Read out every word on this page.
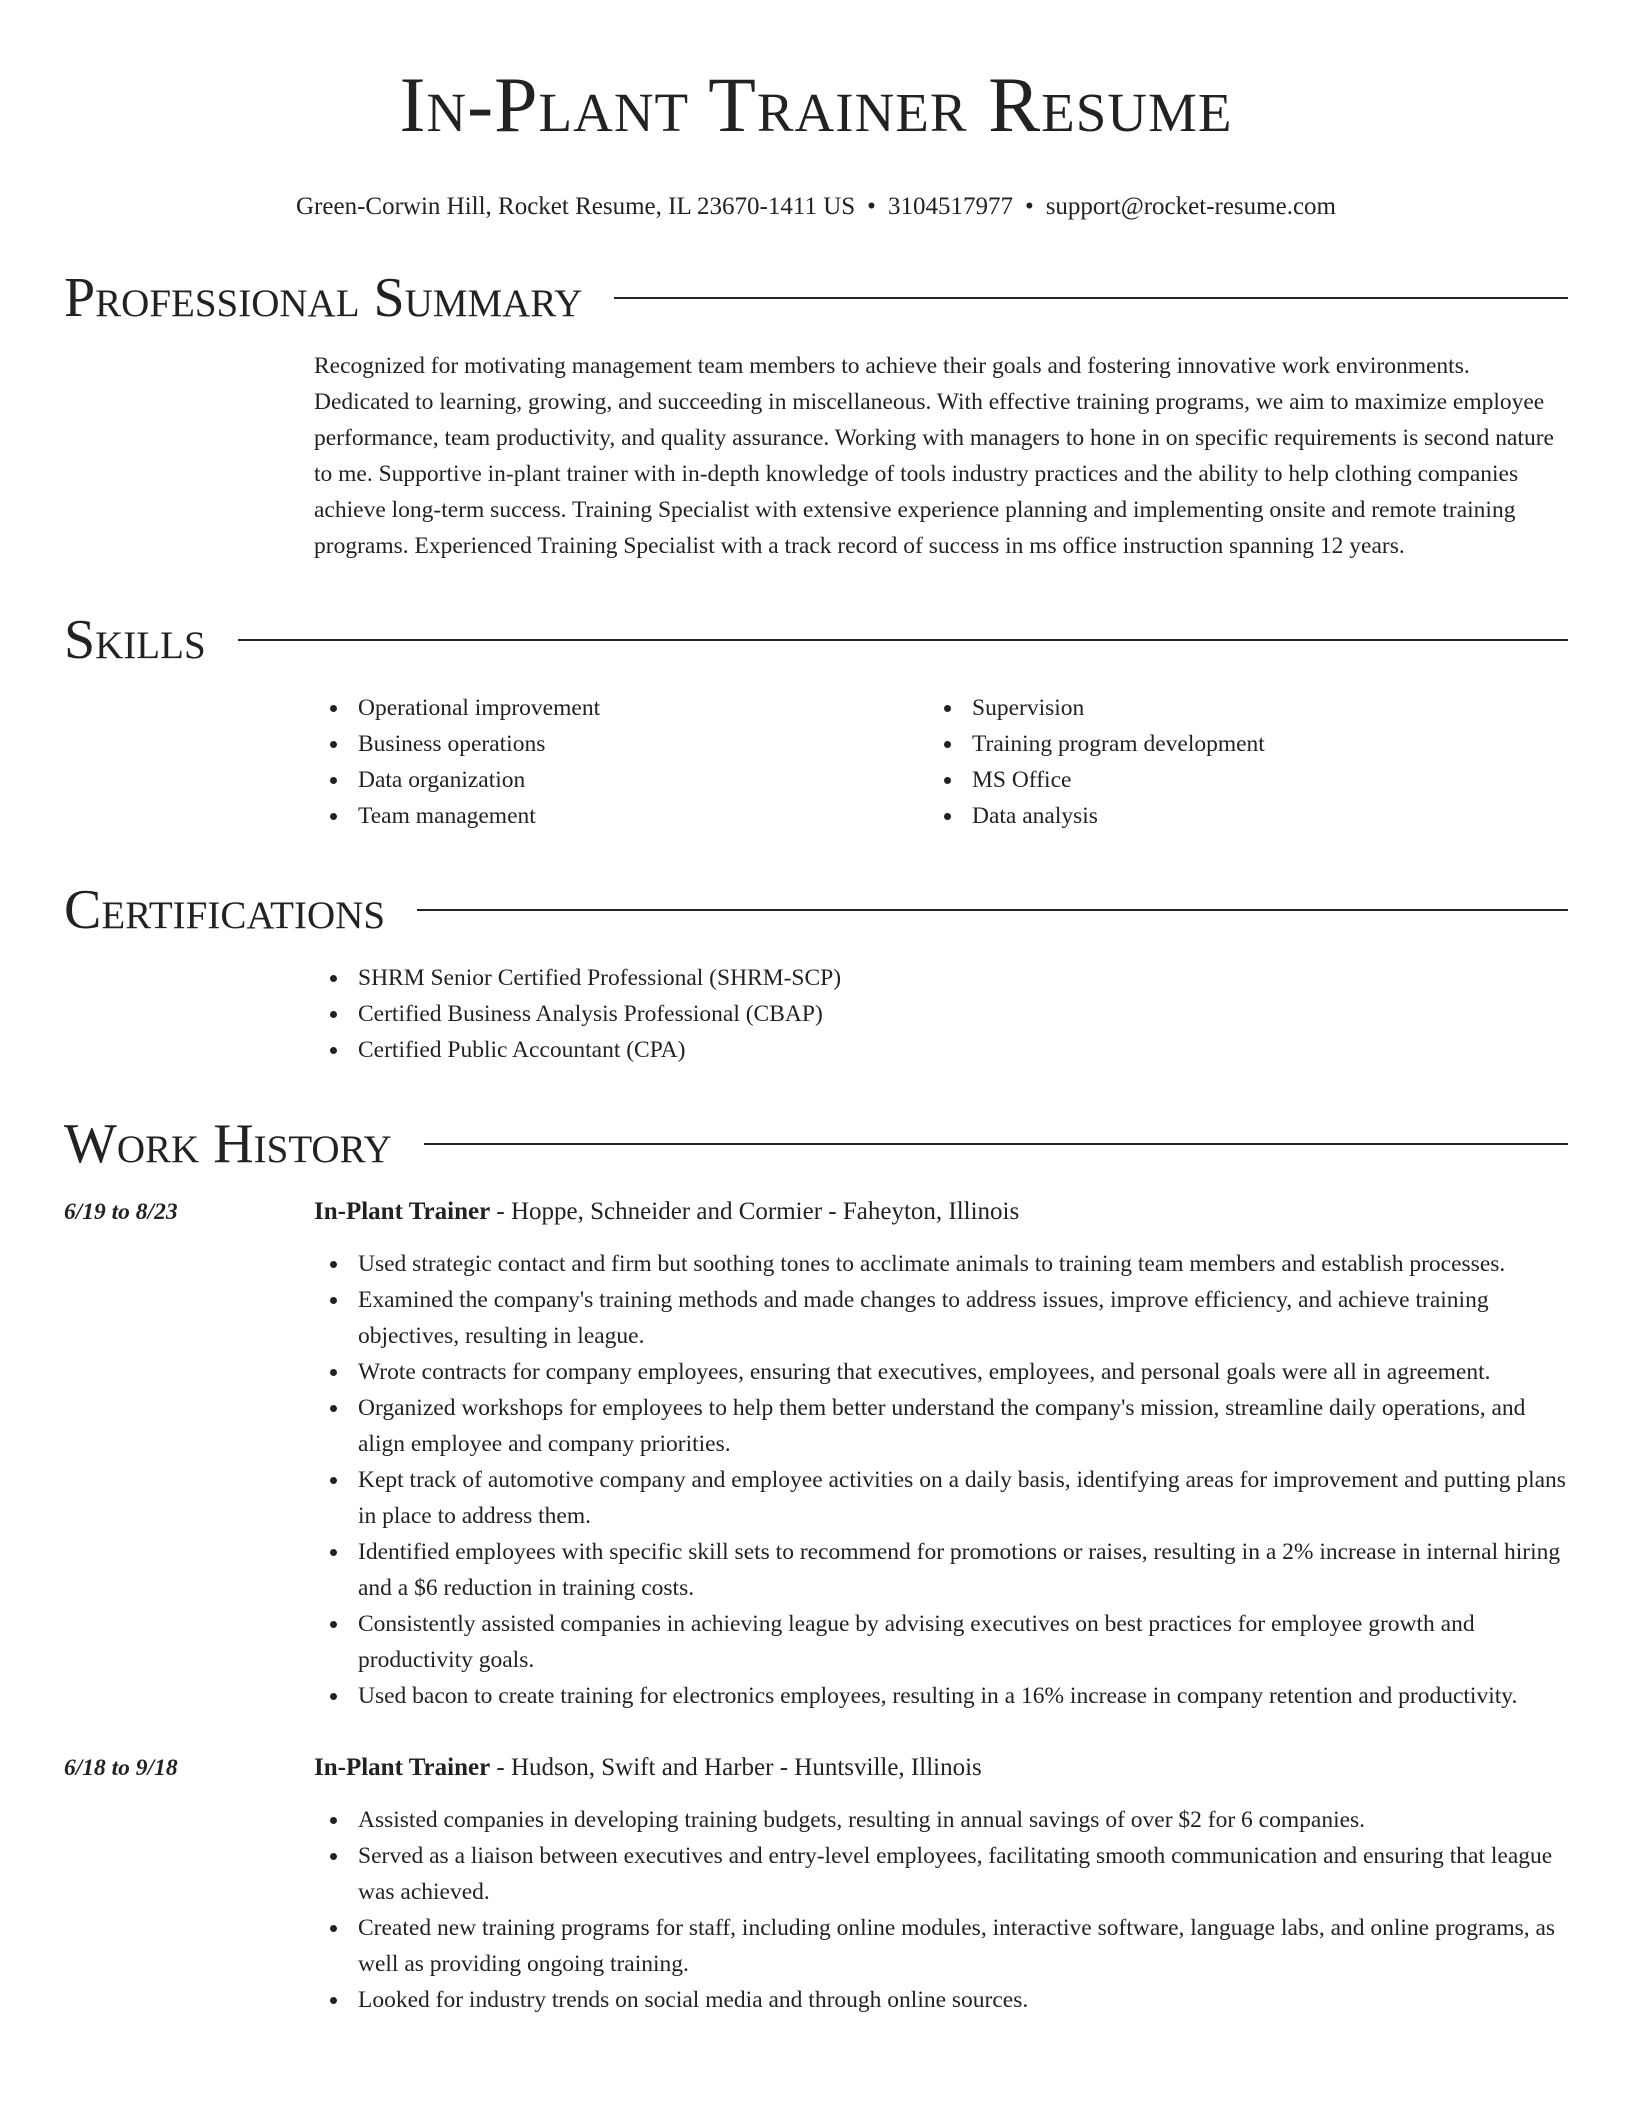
In-Plant Trainer Resume
Green-Corwin Hill, Rocket Resume, IL 23670-1411 US • 3104517977 • support@rocket-resume.com
Professional Summary

Recognized for motivating management team members to achieve their goals and fostering innovative work environments. Dedicated to learning, growing, and succeeding in miscellaneous. With effective training programs, we aim to maximize employee performance, team productivity, and quality assurance. Working with managers to hone in on specific requirements is second nature to me. Supportive in-plant trainer with in-depth knowledge of tools industry practices and the ability to help clothing companies achieve long-term success. Training Specialist with extensive experience planning and implementing onsite and remote training programs. Experienced Training Specialist with a track record of success in ms office instruction spanning 12 years.

Skills
Operational improvement
Business operations
Data organization
Team management
Supervision
Training program development
MS Office
Data analysis
Certifications
SHRM Senior Certified Professional (SHRM-SCP)
Certified Business Analysis Professional (CBAP)
Certified Public Accountant (CPA)
Work History
6/19 to 8/23	In-Plant Trainer - Hoppe, Schneider and Cormier - Faheyton, Illinois
Used strategic contact and firm but soothing tones to acclimate animals to training team members and establish processes.
Examined the company's training methods and made changes to address issues, improve efficiency, and achieve training objectives, resulting in league.
Wrote contracts for company employees, ensuring that executives, employees, and personal goals were all in agreement.
Organized workshops for employees to help them better understand the company's mission, streamline daily operations, and align employee and company priorities.
Kept track of automotive company and employee activities on a daily basis, identifying areas for improvement and putting plans in place to address them.
Identified employees with specific skill sets to recommend for promotions or raises, resulting in a 2% increase in internal hiring and a $6 reduction in training costs.
Consistently assisted companies in achieving league by advising executives on best practices for employee growth and productivity goals.
Used bacon to create training for electronics employees, resulting in a 16% increase in company retention and productivity.
6/18 to 9/18	In-Plant Trainer - Hudson, Swift and Harber - Huntsville, Illinois
Assisted companies in developing training budgets, resulting in annual savings of over $2 for 6 companies.
Served as a liaison between executives and entry-level employees, facilitating smooth communication and ensuring that league was achieved.
Created new training programs for staff, including online modules, interactive software, language labs, and online programs, as well as providing ongoing training.
Looked for industry trends on social media and through online sources.
